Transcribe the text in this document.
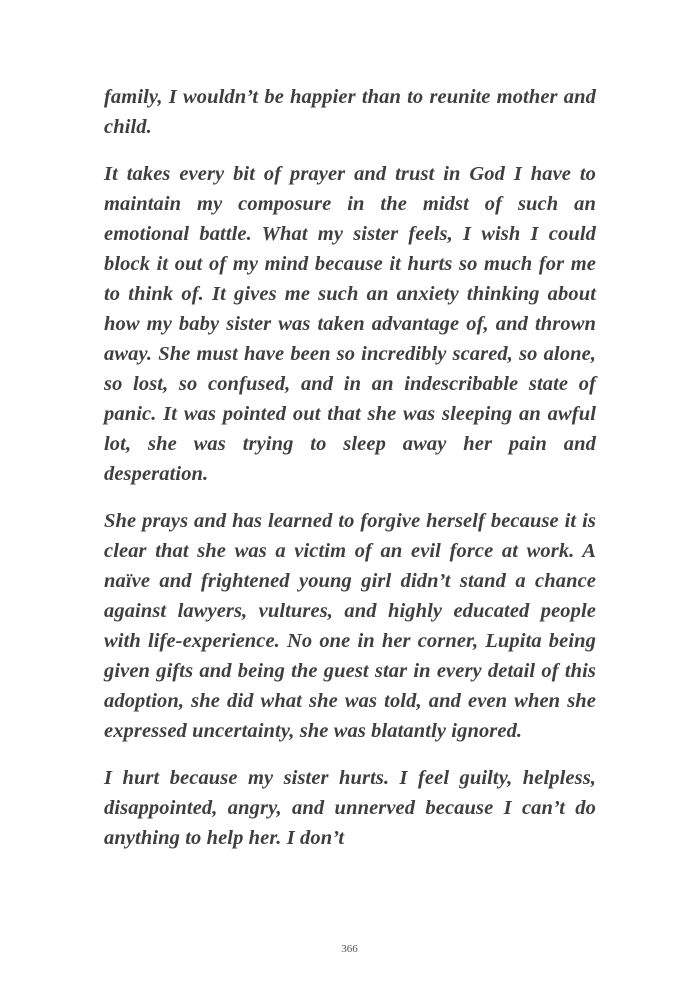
family, I wouldn’t be happier than to reunite mother and child.

It takes every bit of prayer and trust in God I have to maintain my composure in the midst of such an emotional battle. What my sister feels, I wish I could block it out of my mind because it hurts so much for me to think of. It gives me such an anxiety thinking about how my baby sister was taken advantage of, and thrown away. She must have been so incredibly scared, so alone, so lost, so confused, and in an indescribable state of panic. It was pointed out that she was sleeping an awful lot, she was trying to sleep away her pain and desperation.

She prays and has learned to forgive herself because it is clear that she was a victim of an evil force at work. A naïve and frightened young girl didn’t stand a chance against lawyers, vultures, and highly educated people with life-experience. No one in her corner, Lupita being given gifts and being the guest star in every detail of this adoption, she did what she was told, and even when she expressed uncertainty, she was blatantly ignored.

I hurt because my sister hurts. I feel guilty, helpless, disappointed, angry, and unnerved because I can’t do anything to help her. I don’t

366
